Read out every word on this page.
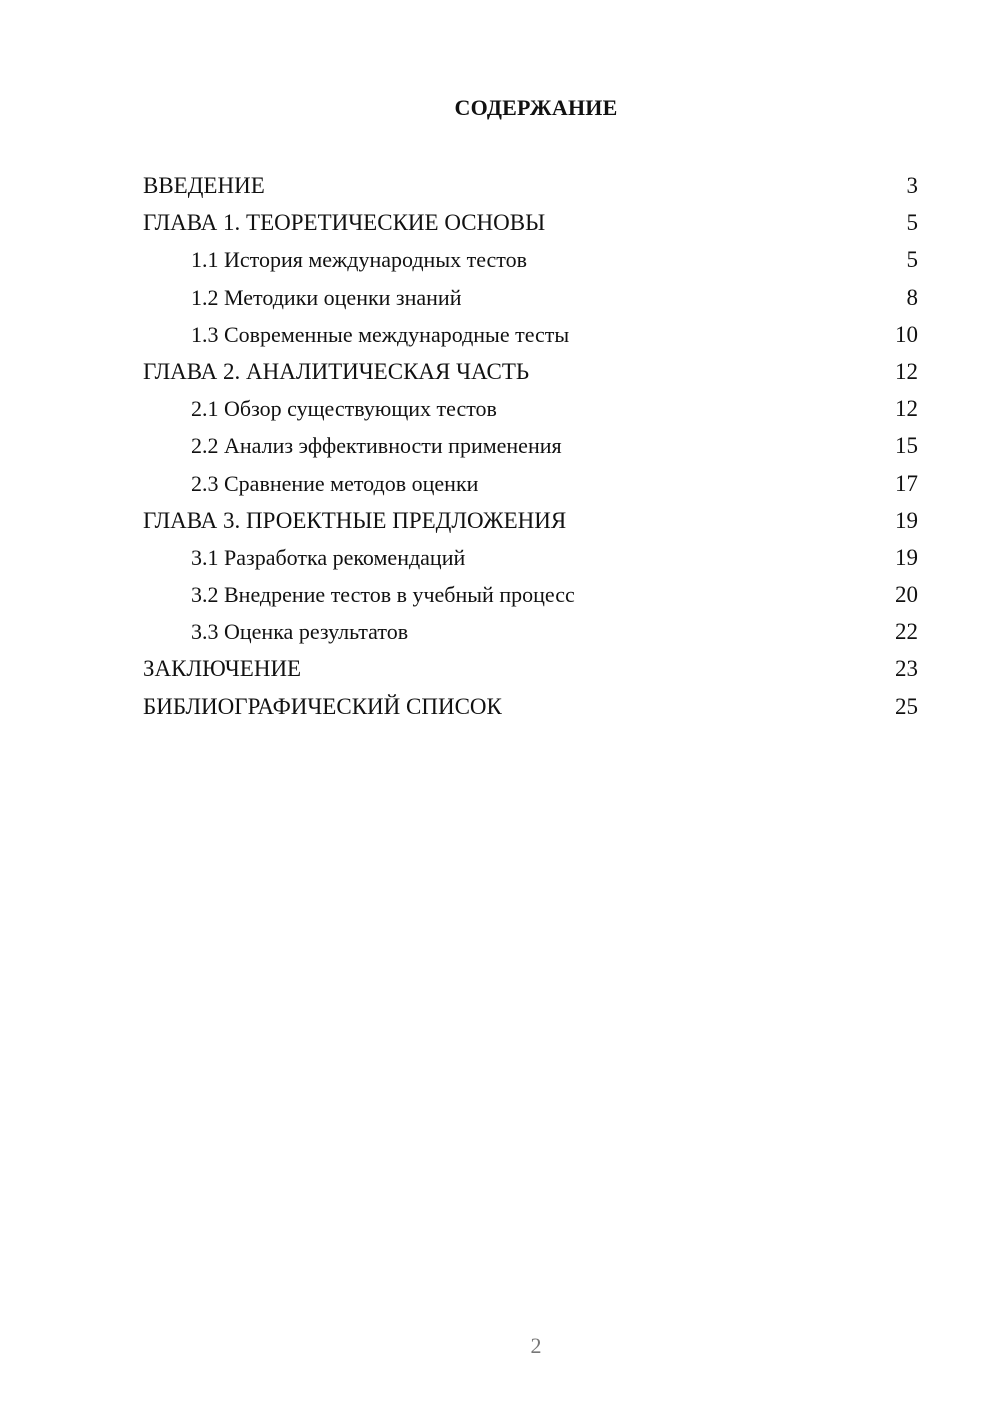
СОДЕРЖАНИЕ
ВВЕДЕНИЕ	3
ГЛАВА 1. ТЕОРЕТИЧЕСКИЕ ОСНОВЫ	5
1.1 История международных тестов	5
1.2 Методики оценки знаний	8
1.3 Современные международные тесты	10
ГЛАВА 2. АНАЛИТИЧЕСКАЯ ЧАСТЬ	12
2.1 Обзор существующих тестов	12
2.2 Анализ эффективности применения	15
2.3 Сравнение методов оценки	17
ГЛАВА 3. ПРОЕКТНЫЕ ПРЕДЛОЖЕНИЯ	19
3.1 Разработка рекомендаций	19
3.2 Внедрение тестов в учебный процесс	20
3.3 Оценка результатов	22
ЗАКЛЮЧЕНИЕ	23
БИБЛИОГРАФИЧЕСКИЙ СПИСОК	25
2
